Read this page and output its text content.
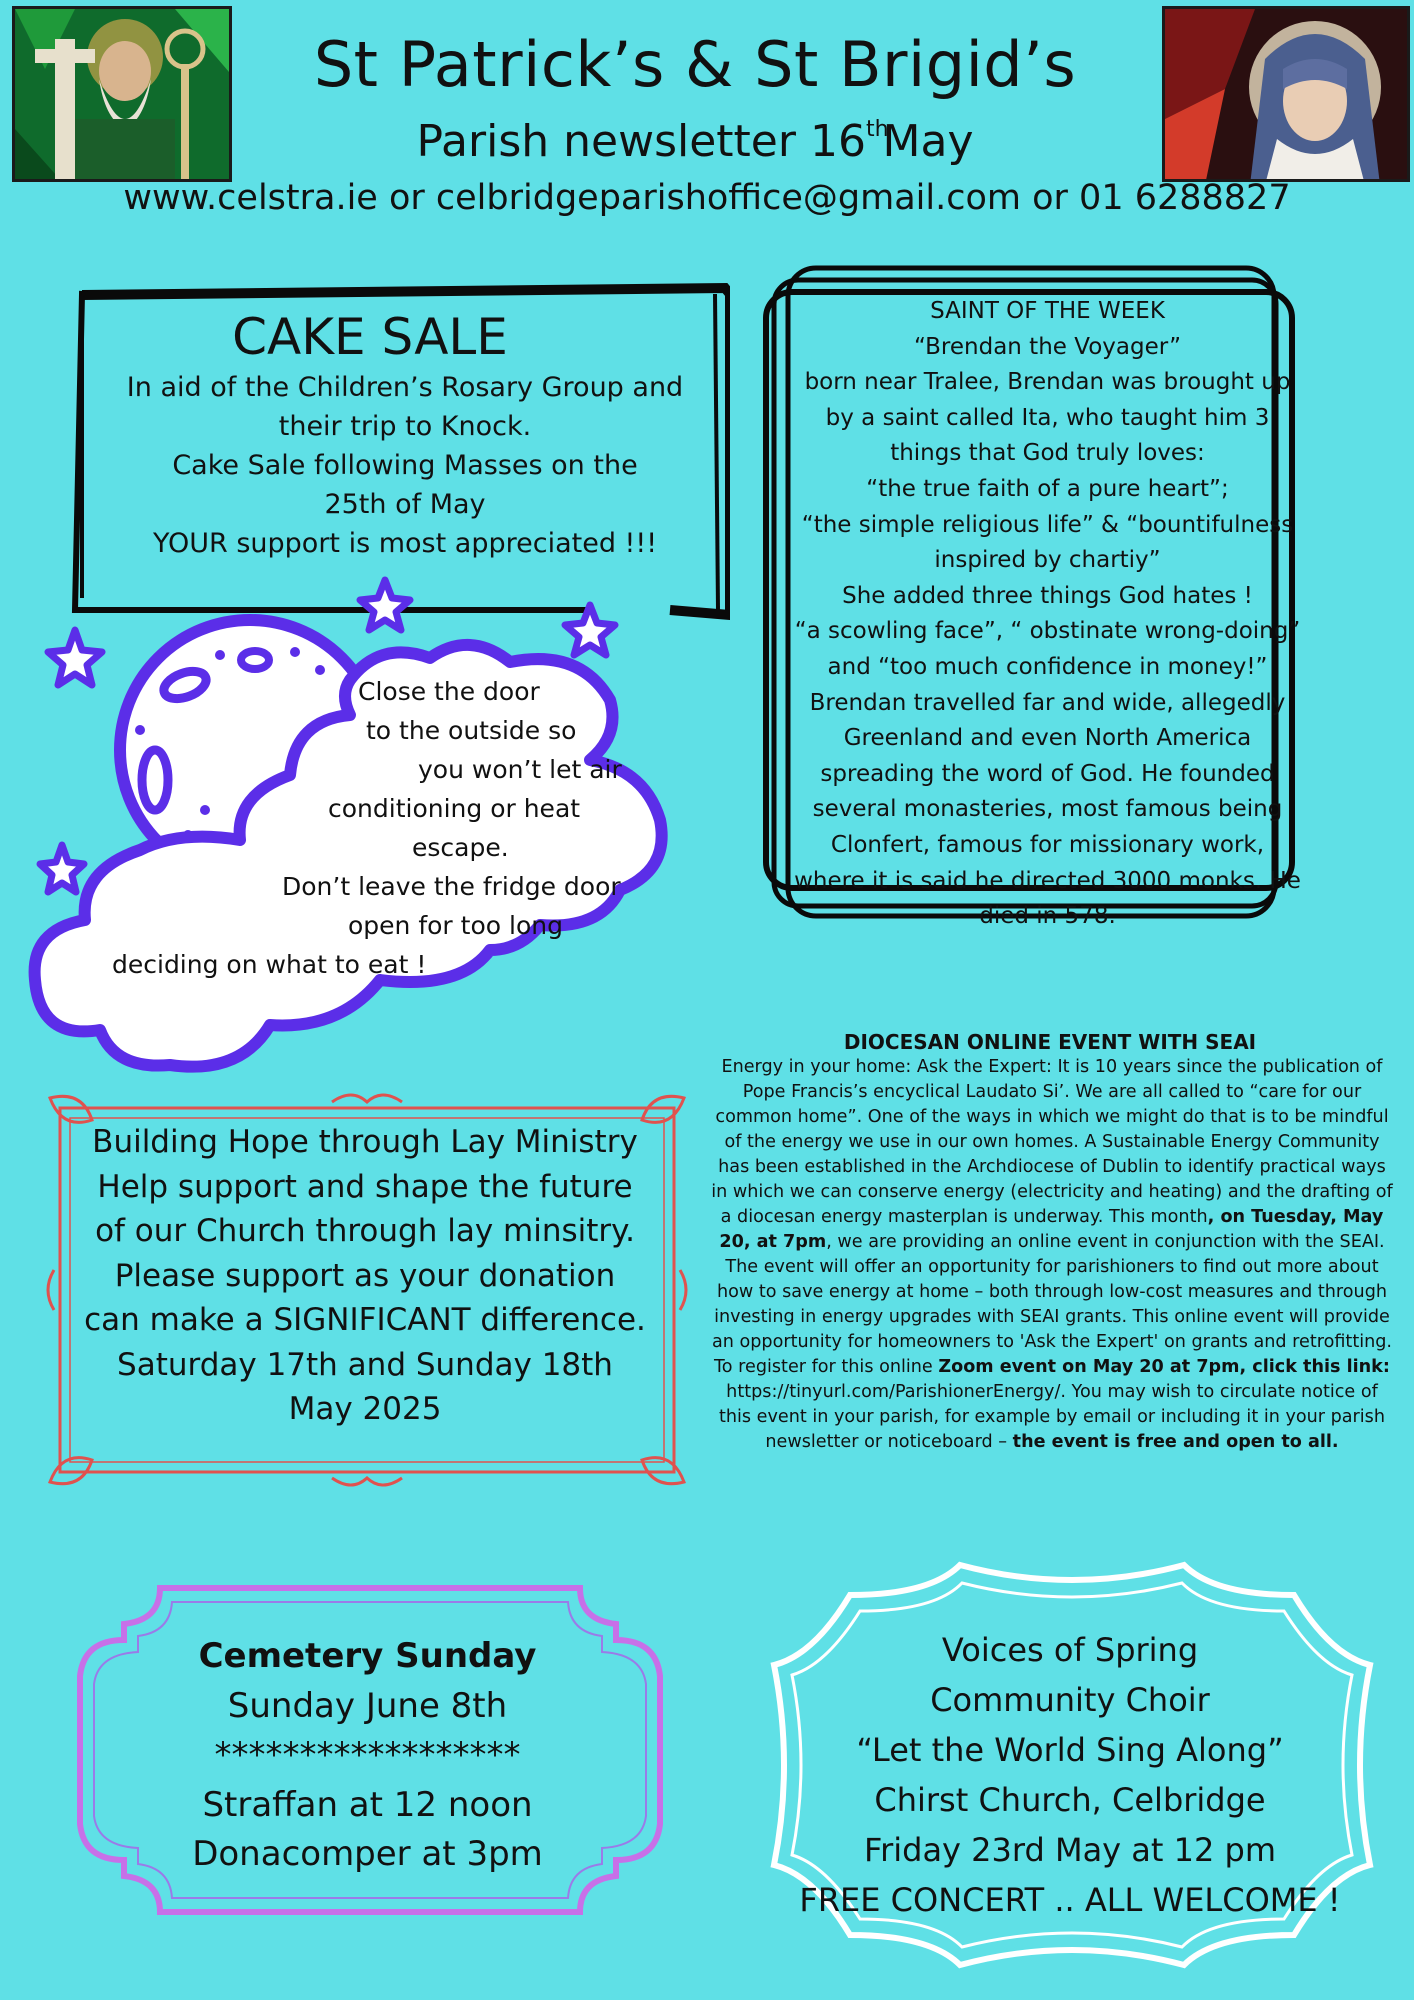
St Patrick’s & St Brigid’s
Parish newsletter 16thMay
www.celstra.ie or celbridgeparishoffice@gmail.com or 01 6288827
CAKE SALE
In aid of the Children’s Rosary Group and
their trip to Knock.
Cake Sale following Masses on the
25th of May
YOUR support is most appreciated !!!
SAINT OF THE WEEK
“Brendan the Voyager”
born near Tralee, Brendan was brought up
by a saint called Ita, who taught him 3
things that God truly loves:
“the true faith of a pure heart”;
“the simple religious life” & “bountifulness
inspired by chartiy”
She added three things God hates !
“a scowling face”, “ obstinate wrong-doing”
and “too much confidence in money!”
Brendan travelled far and wide, allegedly
Greenland and even North America
spreading the word of God. He founded
several monasteries, most famous being
Clonfert, famous for missionary work,
where it is said he directed 3000 monks. He
died in 578.
Close the door
to the outside so
you won’t let air
conditioning or heat
escape.
Don’t leave the fridge door
open for too long
deciding on what to eat !
Building Hope through Lay Ministry
Help support and shape the future
of our Church through lay minsitry.
Please support as your donation
can make a SIGNIFICANT difference.
Saturday 17th and Sunday 18th
May 2025
DIOCESAN ONLINE EVENT WITH SEAI
Energy in your home: Ask the Expert: It is 10 years since the publication of Pope Francis’s encyclical Laudato Si’. We are all called to “care for our common home”. One of the ways in which we might do that is to be mindful of the energy we use in our own homes. A Sustainable Energy Community has been established in the Archdiocese of Dublin to identify practical ways in which we can conserve energy (electricity and heating) and the drafting of a diocesan energy masterplan is underway. This month, on Tuesday, May 20, at 7pm, we are providing an online event in conjunction with the SEAI. The event will offer an opportunity for parishioners to find out more about how to save energy at home – both through low-cost measures and through investing in energy upgrades with SEAI grants. This online event will provide an opportunity for homeowners to 'Ask the Expert' on grants and retrofitting. To register for this online Zoom event on May 20 at 7pm, click this link: https://tinyurl.com/ParishionerEnergy/. You may wish to circulate notice of this event in your parish, for example by email or including it in your parish newsletter or noticeboard – the event is free and open to all.
Cemetery Sunday
Sunday June 8th
******************
Straffan at 12 noon
Donacomper at 3pm
Voices of Spring
Community Choir
“Let the World Sing Along”
Chirst Church, Celbridge
Friday 23rd May at 12 pm
FREE CONCERT .. ALL WELCOME !
